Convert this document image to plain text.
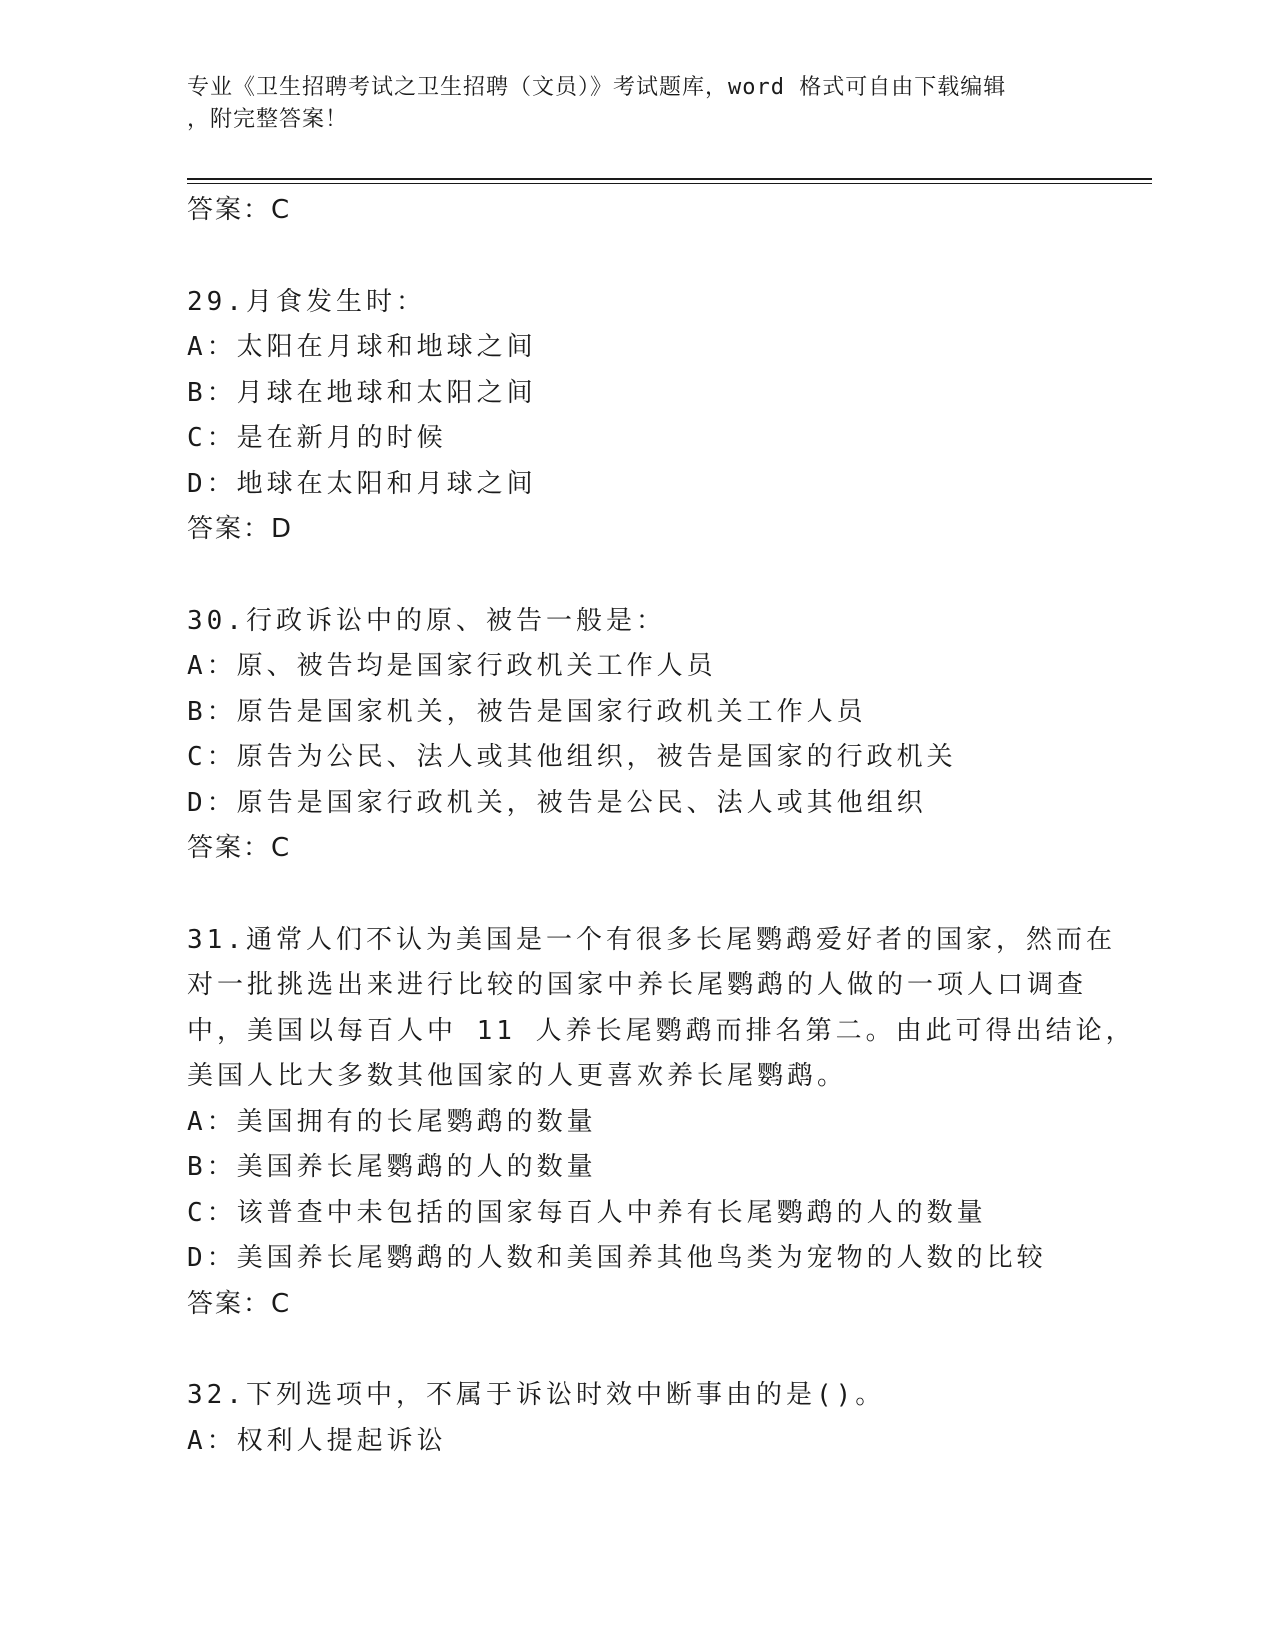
专业《卫生招聘考试之卫生招聘（文员）》考试题库，word 格式可自由下载编辑
，附完整答案！
答案：C
29.月食发生时：
A：太阳在月球和地球之间
B：月球在地球和太阳之间
C：是在新月的时候
D：地球在太阳和月球之间
答案：D
30.行政诉讼中的原、被告一般是：
A：原、被告均是国家行政机关工作人员
B：原告是国家机关，被告是国家行政机关工作人员
C：原告为公民、法人或其他组织，被告是国家的行政机关
D：原告是国家行政机关，被告是公民、法人或其他组织
答案：C
31.通常人们不认为美国是一个有很多长尾鹦鹉爱好者的国家，然而在
对一批挑选出来进行比较的国家中养长尾鹦鹉的人做的一项人口调查
中，美国以每百人中 11 人养长尾鹦鹉而排名第二。由此可得出结论，
美国人比大多数其他国家的人更喜欢养长尾鹦鹉。
A：美国拥有的长尾鹦鹉的数量
B：美国养长尾鹦鹉的人的数量
C：该普查中未包括的国家每百人中养有长尾鹦鹉的人的数量
D：美国养长尾鹦鹉的人数和美国养其他鸟类为宠物的人数的比较
答案：C
32.下列选项中，不属于诉讼时效中断事由的是()。
A：权利人提起诉讼
